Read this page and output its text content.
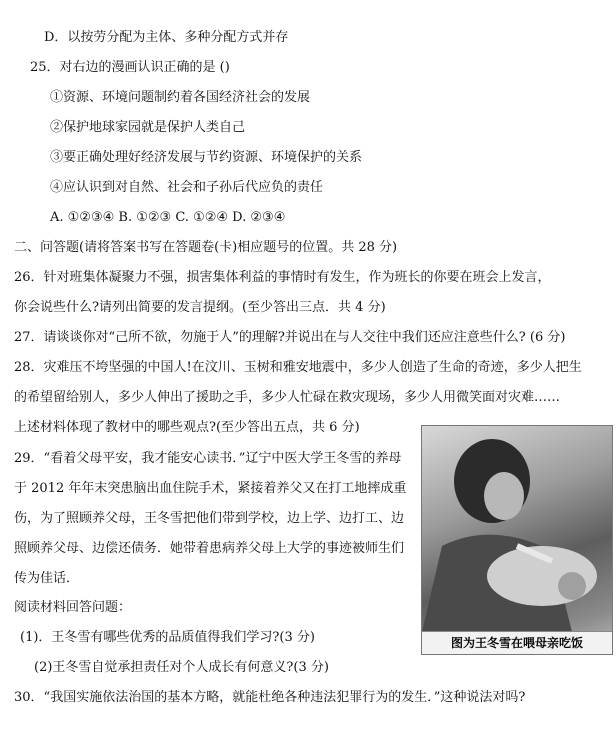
D．以按劳分配为主体、多种分配方式并存
25．对右边的漫画认识正确的是 ()
①资源、环境问题制约着各国经济社会的发展
②保护地球家园就是保护人类自己
③要正确处理好经济发展与节约资源、环境保护的关系
④应认识到对自然、社会和子孙后代应负的责任
A. ①②③④ B. ①②③ C. ①②④ D. ②③④
二、问答题(请将答案书写在答题卷(卡)相应题号的位置。共 28 分)
26．针对班集体凝聚力不强，损害集体利益的事情时有发生，作为班长的你要在班会上发言，
你会说些什么?请列出简要的发言提纲。(至少答出三点．共 4 分)
27．请谈谈你对“己所不欲，勿施于人”的理解?并说出在与人交往中我们还应注意些什么? (6 分)
28．灾难压不垮坚强的中国人!在汶川、玉树和雅安地震中，多少人创造了生命的奇迹，多少人把生
的希望留给别人，多少人伸出了援助之手，多少人忙碌在救灾现场，多少人用微笑面对灾难……
上述材料体现了教材中的哪些观点?(至少答出五点，共 6 分)
29．“看着父母平安，我才能安心读书．”辽宁中医大学王冬雪的养母
于 2012 年年末突患脑出血住院手术，紧接着养父又在打工地摔成重
伤，为了照顾养父母，王冬雪把他们带到学校，边上学、边打工、边
照顾养父母、边偿还债务．她带着患病养父母上大学的事迹被师生们
传为佳话．
阅读材料回答问题：
(1)．王冬雪有哪些优秀的品质值得我们学习?(3 分)
(2)王冬雪自觉承担责任对个人成长有何意义?(3 分)
30．“我国实施依法治国的基本方略，就能杜绝各种违法犯罪行为的发生．”这种说法对吗?
图为王冬雪在喂母亲吃饭
